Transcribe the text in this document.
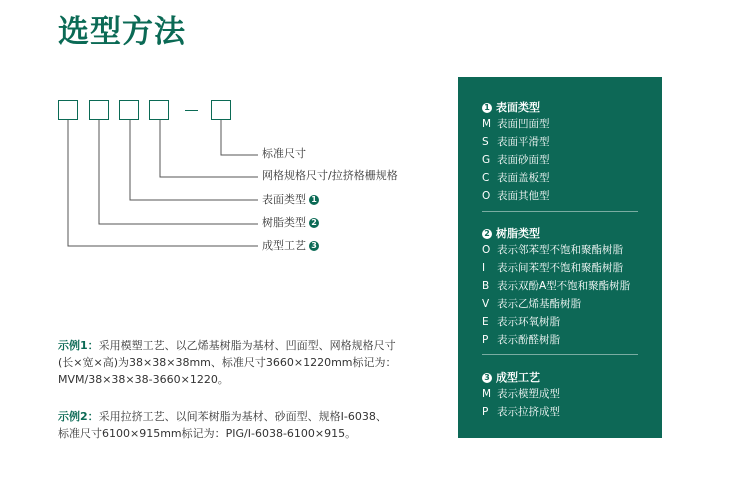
选型方法
标准尺寸
网格规格尺寸/拉挤格栅规格
表面类型 1
树脂类型 2
成型工艺 3
示例1：采用模塑工艺、以乙烯基树脂为基材、凹面型、网格规格尺寸
(长×宽×高)为38×38×38mm、标准尺寸3660×1220mm标记为：
MVM/38×38×38-3660×1220。
示例2：采用拉挤工艺、以间苯树脂为基材、砂面型、规格I-6038、
标准尺寸6100×915mm标记为：PIG/I-6038-6100×915。
1 表面类型
M 表面凹面型
S 表面平滑型
G 表面砂面型
C 表面盖板型
O 表面其他型
2 树脂类型
O 表示邻苯型不饱和聚酯树脂
I 表示间苯型不饱和聚酯树脂
B 表示双酚A型不饱和聚酯树脂
V 表示乙烯基酯树脂
E 表示环氧树脂
P 表示酚醛树脂
3 成型工艺
M 表示模塑成型
P 表示拉挤成型
